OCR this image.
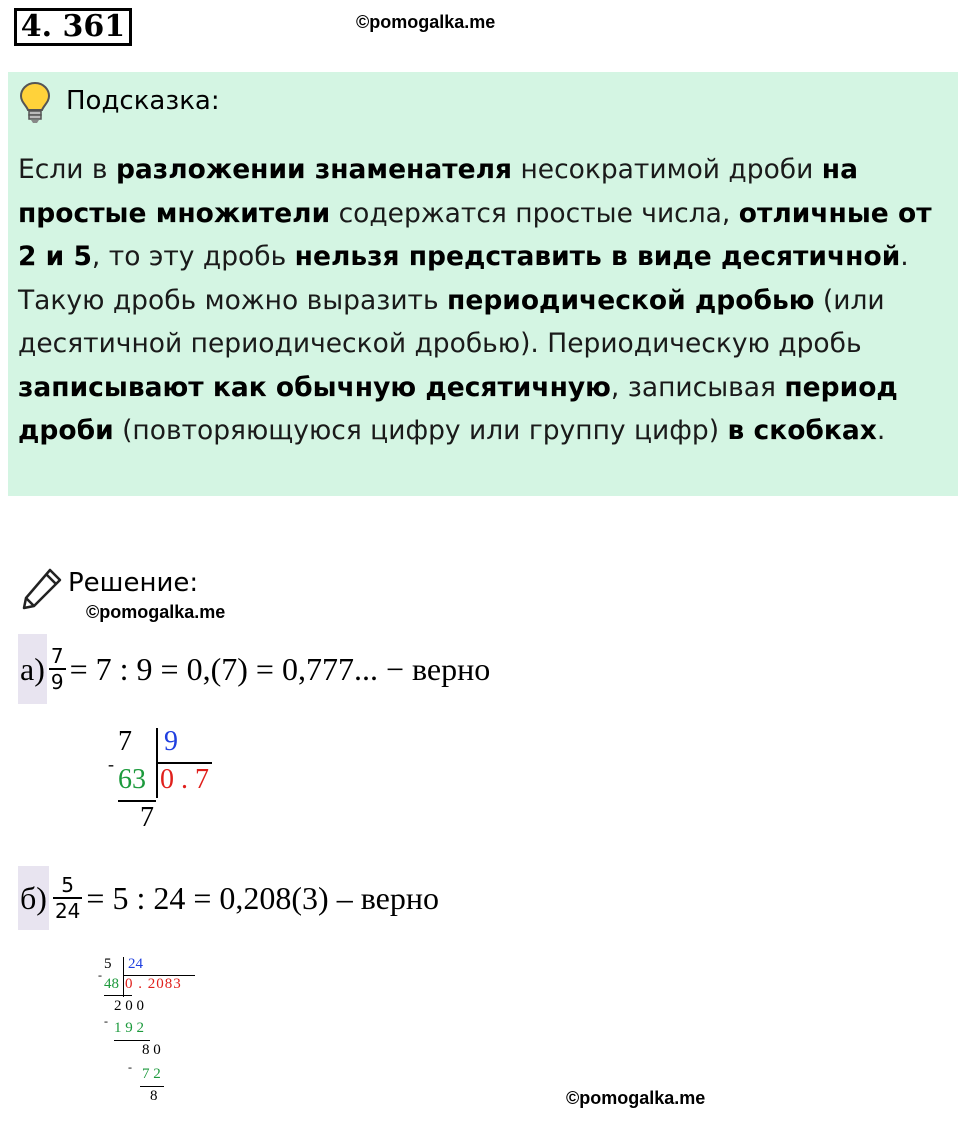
4. 361	©pomogalka.me
Подсказка:
Если в разложении знаменателя несократимой дроби на простые множители содержатся простые числа, отличные от 2 и 5, то эту дробь нельзя представить в виде десятичной. Такую дробь можно выразить периодической дробью (или десятичной периодической дробью). Периодическую дробь записывают как обычную десятичную, записывая период дроби (повторяющуюся цифру или группу цифр) в скобках.
Решение:
©pomogalka.me
$а) \frac{7}{9} = 7$ : 9 = 0,(7) = 0,777... − верно
7 9
- 63 0 . 7
7
$б) \frac{5}{24} = 5$ : 24 = 0,208(3) – верно
5 24
-
48 0 . 2083
2 0 0
- 1 9 2
8 0
- 7 2
8	©pomogalka.me
